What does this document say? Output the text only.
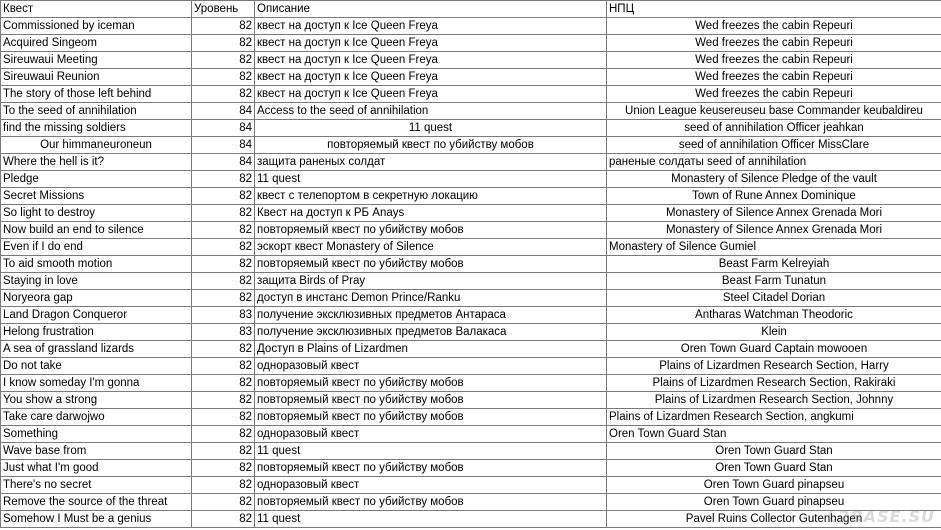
Квест	Уровень	Описание	НПЦ
Commissioned by iceman	82	квест на доступ к Ice Queen Freya	Wed freezes the cabin Repeuri
Acquired Singeom	82	квест на доступ к Ice Queen Freya	Wed freezes the cabin Repeuri
Sireuwaui Meeting	82	квест на доступ к Ice Queen Freya	Wed freezes the cabin Repeuri
Sireuwaui Reunion	82	квест на доступ к Ice Queen Freya	Wed freezes the cabin Repeuri
The story of those left behind	82	квест на доступ к Ice Queen Freya	Wed freezes the cabin Repeuri
To the seed of annihilation	84	Access to the seed of annihilation	Union League keusereuseu base Commander keubaldireu
find the missing soldiers	84	11 quest	seed of annihilation Officer jeahkan
Our himmaneuroneun	84	повторяемый квест по убийству мобов	seed of annihilation Officer MissClare
Where the hell is it?	84	защита раненых солдат	раненые солдаты seed of annihilation
Pledge	82	11 quest	Monastery of Silence Pledge of the vault
Secret Missions	82	квест с телепортом в секретную локацию	Town of Rune Annex Dominique
So light to destroy	82	Квест на доступ к РБ Anays	Monastery of Silence Annex Grenada Mori
Now build an end to silence	82	повторяемый квест по убийству мобов	Monastery of Silence Annex Grenada Mori
Even if I do end	82	эскорт квест Monastery of Silence	Monastery of Silence Gumiel
To aid smooth motion	82	повторяемый квест по убийству мобов	Beast Farm Kelreyiah
Staying in love	82	защита Birds of Pray	Beast Farm Tunatun
Noryeora gap	82	доступ в инстанс Demon Prince/Ranku	Steel Citadel Dorian
Land Dragon Conqueror	83	получение эксклюзивных предметов Антараса	Antharas Watchman Theodoric
Helong frustration	83	получение эксклюзивных предметов Валакаса	Klein
A sea of grassland lizards	82	Доступ в Plains of Lizardmen	Oren Town Guard Captain mowooen
Do not take	82	одноразовый квест	Plains of Lizardmen Research Section, Harry
I know someday I'm gonna	82	повторяемый квест по убийству мобов	Plains of Lizardmen Research Section, Rakiraki
You show a strong	82	повторяемый квест по убийству мобов	Plains of Lizardmen Research Section, Johnny
Take care darwojwo	82	повторяемый квест по убийству мобов	Plains of Lizardmen Research Section, angkumi
Something	82	одноразовый квест	Oren Town Guard Stan
Wave base from	82	11 quest	Oren Town Guard Stan
Just what I'm good	82	повторяемый квест по убийству мобов	Oren Town Guard Stan
There's no secret	82	одноразовый квест	Oren Town Guard pinapseu
Remove the source of the threat	82	повторяемый квест по убийству мобов	Oren Town Guard pinapseu
Somehow I Must be a genius	82	11 quest	Pavel Ruins Collector Gutenhagen
L2BASE.SU
